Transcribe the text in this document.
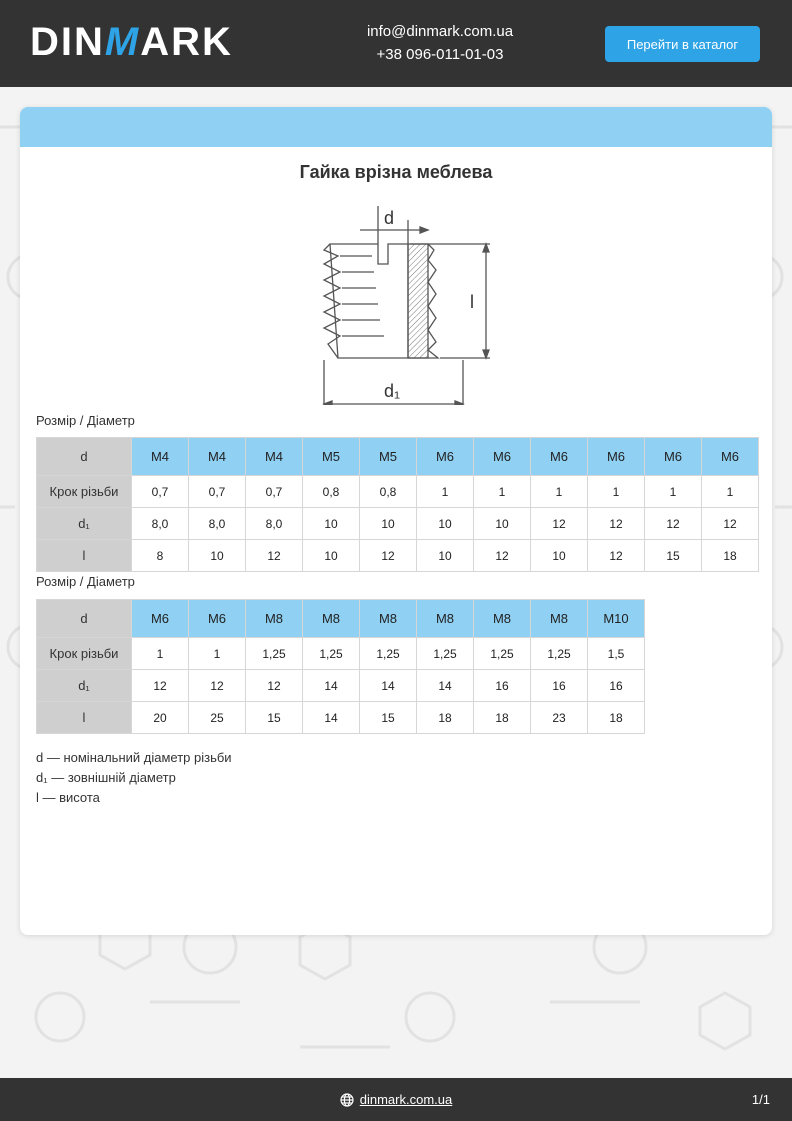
DIN M ARK	info@dinmark.com.ua
+38 096-011-01-03
Перейти в каталог
Гайка врізна меблева
d
l
d₁
Розмір / Діаметр
d	M4	M4	M4	M5	M5	M6	M6	M6	M6	M6	M6
Крок різьби	0,7	0,7	0,7	0,8	0,8	1	1	1	1	1	1
d₁	8,0	8,0	8,0	10	10	10	10	12	12	12	12
l	8	10	12	10	12	10	12	10	12	15	18
Розмір / Діаметр
d	M6	M6	M8	M8	M8	M8	M8	M8	M10
Крок різьби	1	1	1,25	1,25	1,25	1,25	1,25	1,25	1,5
d₁	12	12	12	14	14	14	16	16	16
l	20	25	15	14	15	18	18	23	18
d — номінальний діаметр різьби
d₁ — зовнішній діаметр
l — висота
dinmark.com.ua	1/1
